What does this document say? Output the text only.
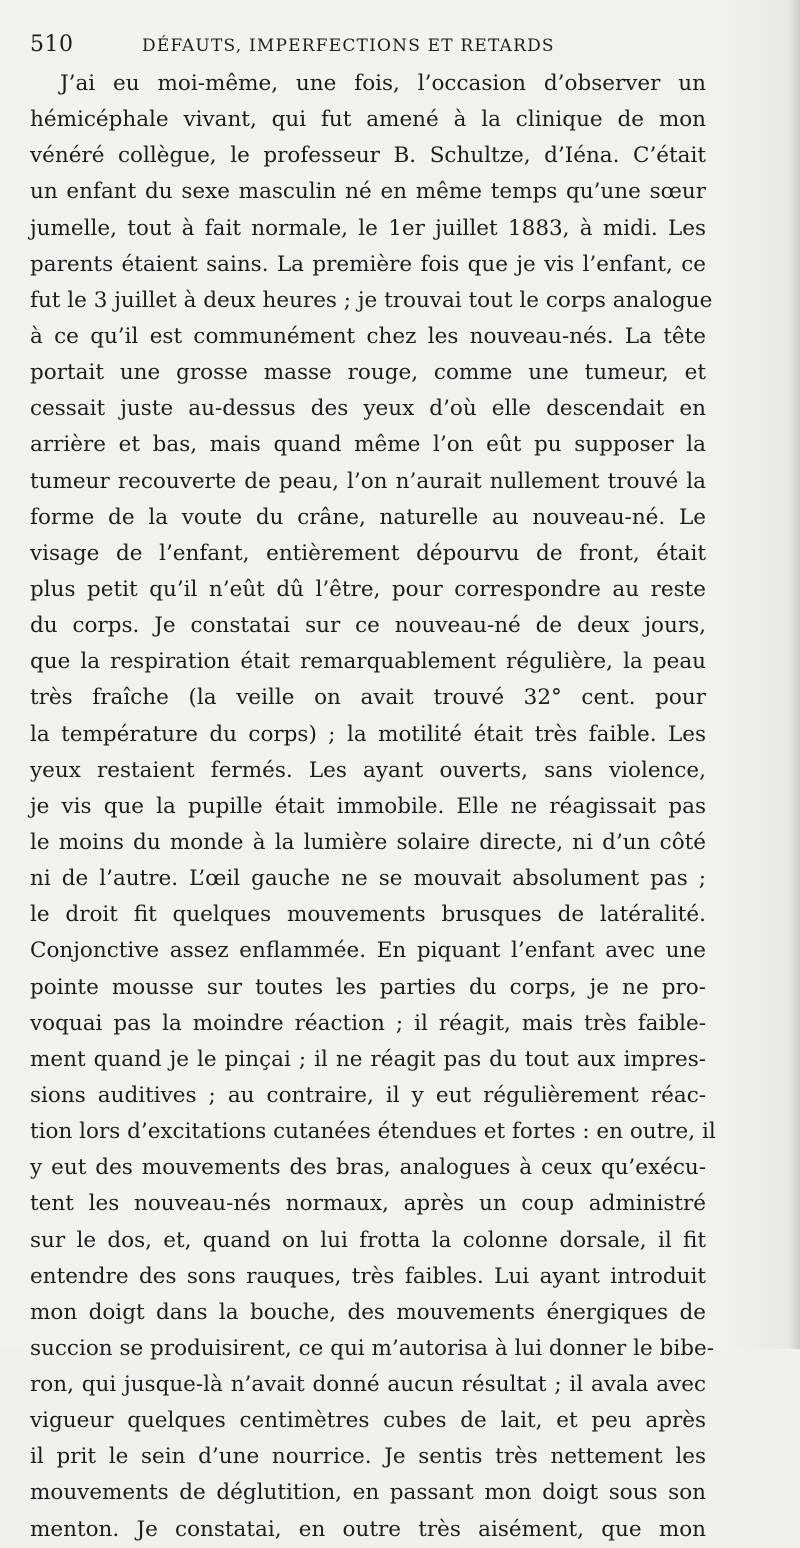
510	DÉFAUTS, IMPERFECTIONS ET RETARDS
J’ai eu moi-même, une fois, l’occasion d’observer un
hémicéphale vivant, qui fut amené à la clinique de mon
vénéré collègue, le professeur B. Schultze, d’Iéna. C’était
un enfant du sexe masculin né en même temps qu’une sœur
jumelle, tout à fait normale, le 1er juillet 1883, à midi. Les
parents étaient sains. La première fois que je vis l’enfant, ce
fut le 3 juillet à deux heures ; je trouvai tout le corps analogue
à ce qu’il est communément chez les nouveau-nés. La tête
portait une grosse masse rouge, comme une tumeur, et
cessait juste au-dessus des yeux d’où elle descendait en
arrière et bas, mais quand même l’on eût pu supposer la
tumeur recouverte de peau, l’on n’aurait nullement trouvé la
forme de la voute du crâne, naturelle au nouveau-né. Le
visage de l’enfant, entièrement dépourvu de front, était
plus petit qu’il n’eût dû l’être, pour correspondre au reste
du corps. Je constatai sur ce nouveau-né de deux jours,
que la respiration était remarquablement régulière, la peau
très fraîche (la veille on avait trouvé 32° cent. pour
la température du corps) ; la motilité était très faible. Les
yeux restaient fermés. Les ayant ouverts, sans violence,
je vis que la pupille était immobile. Elle ne réagissait pas
le moins du monde à la lumière solaire directe, ni d’un côté
ni de l’autre. L’œil gauche ne se mouvait absolument pas ;
le droit fit quelques mouvements brusques de latéralité.
Conjonctive assez enflammée. En piquant l’enfant avec une
pointe mousse sur toutes les parties du corps, je ne pro-
voquai pas la moindre réaction ; il réagit, mais très faible-
ment quand je le pinçai ; il ne réagit pas du tout aux impres-
sions auditives ; au contraire, il y eut régulièrement réac-
tion lors d’excitations cutanées étendues et fortes : en outre, il
y eut des mouvements des bras, analogues à ceux qu’exécu-
tent les nouveau-nés normaux, après un coup administré
sur le dos, et, quand on lui frotta la colonne dorsale, il fit
entendre des sons rauques, très faibles. Lui ayant introduit
mon doigt dans la bouche, des mouvements énergiques de
succion se produisirent, ce qui m’autorisa à lui donner le bibe-
ron, qui jusque-là n’avait donné aucun résultat ; il avala avec
vigueur quelques centimètres cubes de lait, et peu après
il prit le sein d’une nourrice. Je sentis très nettement les
mouvements de déglutition, en passant mon doigt sous son
menton. Je constatai, en outre très aisément, que mon
